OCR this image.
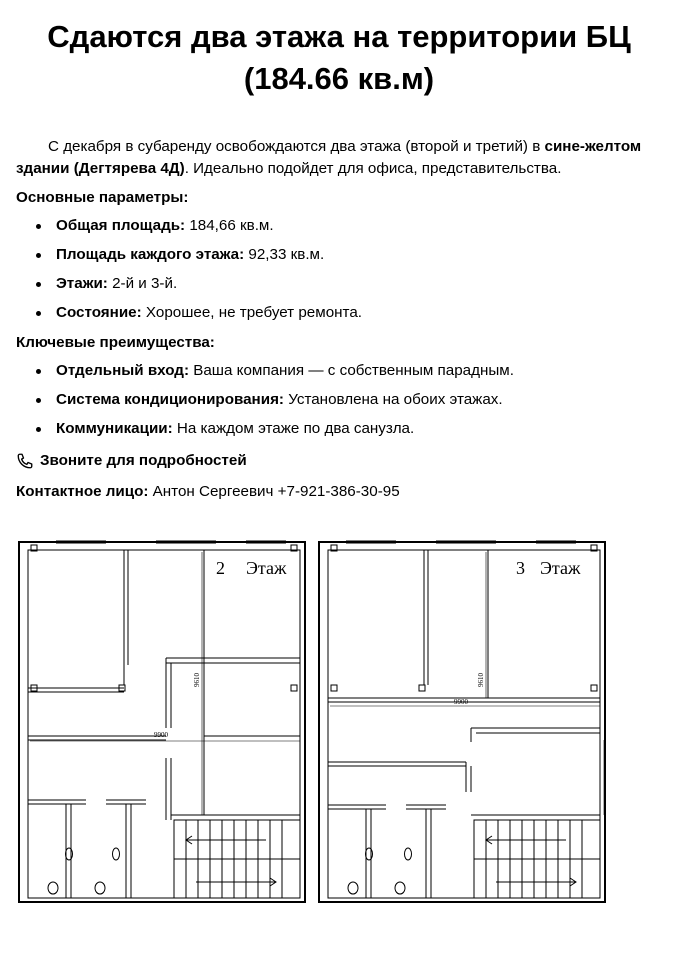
Сдаются два этажа на территории БЦ
(184.66 кв.м)

С декабря в субаренду освобождаются два этажа (второй и третий) в сине-желтом здании (Дегтярева 4Д). Идеально подойдет для офиса, представительства.

Основные параметры:
Общая площадь: 184,66 кв.м.
Площадь каждого этажа: 92,33 кв.м.
Этажи: 2-й и 3-й.
Состояние: Хорошее, не требует ремонта.
Ключевые преимущества:
Отдельный вход: Ваша компания — с собственным парадным.
Система кондиционирования: Установлена на обоих этажах.
Коммуникации: На каждом этаже по два санузла.
Звоните для подробностей
Контактное лицо: Антон Сергеевич +7-921-386-30-95
2 Этаж
9900
9610
3 Этаж
9900
9610
